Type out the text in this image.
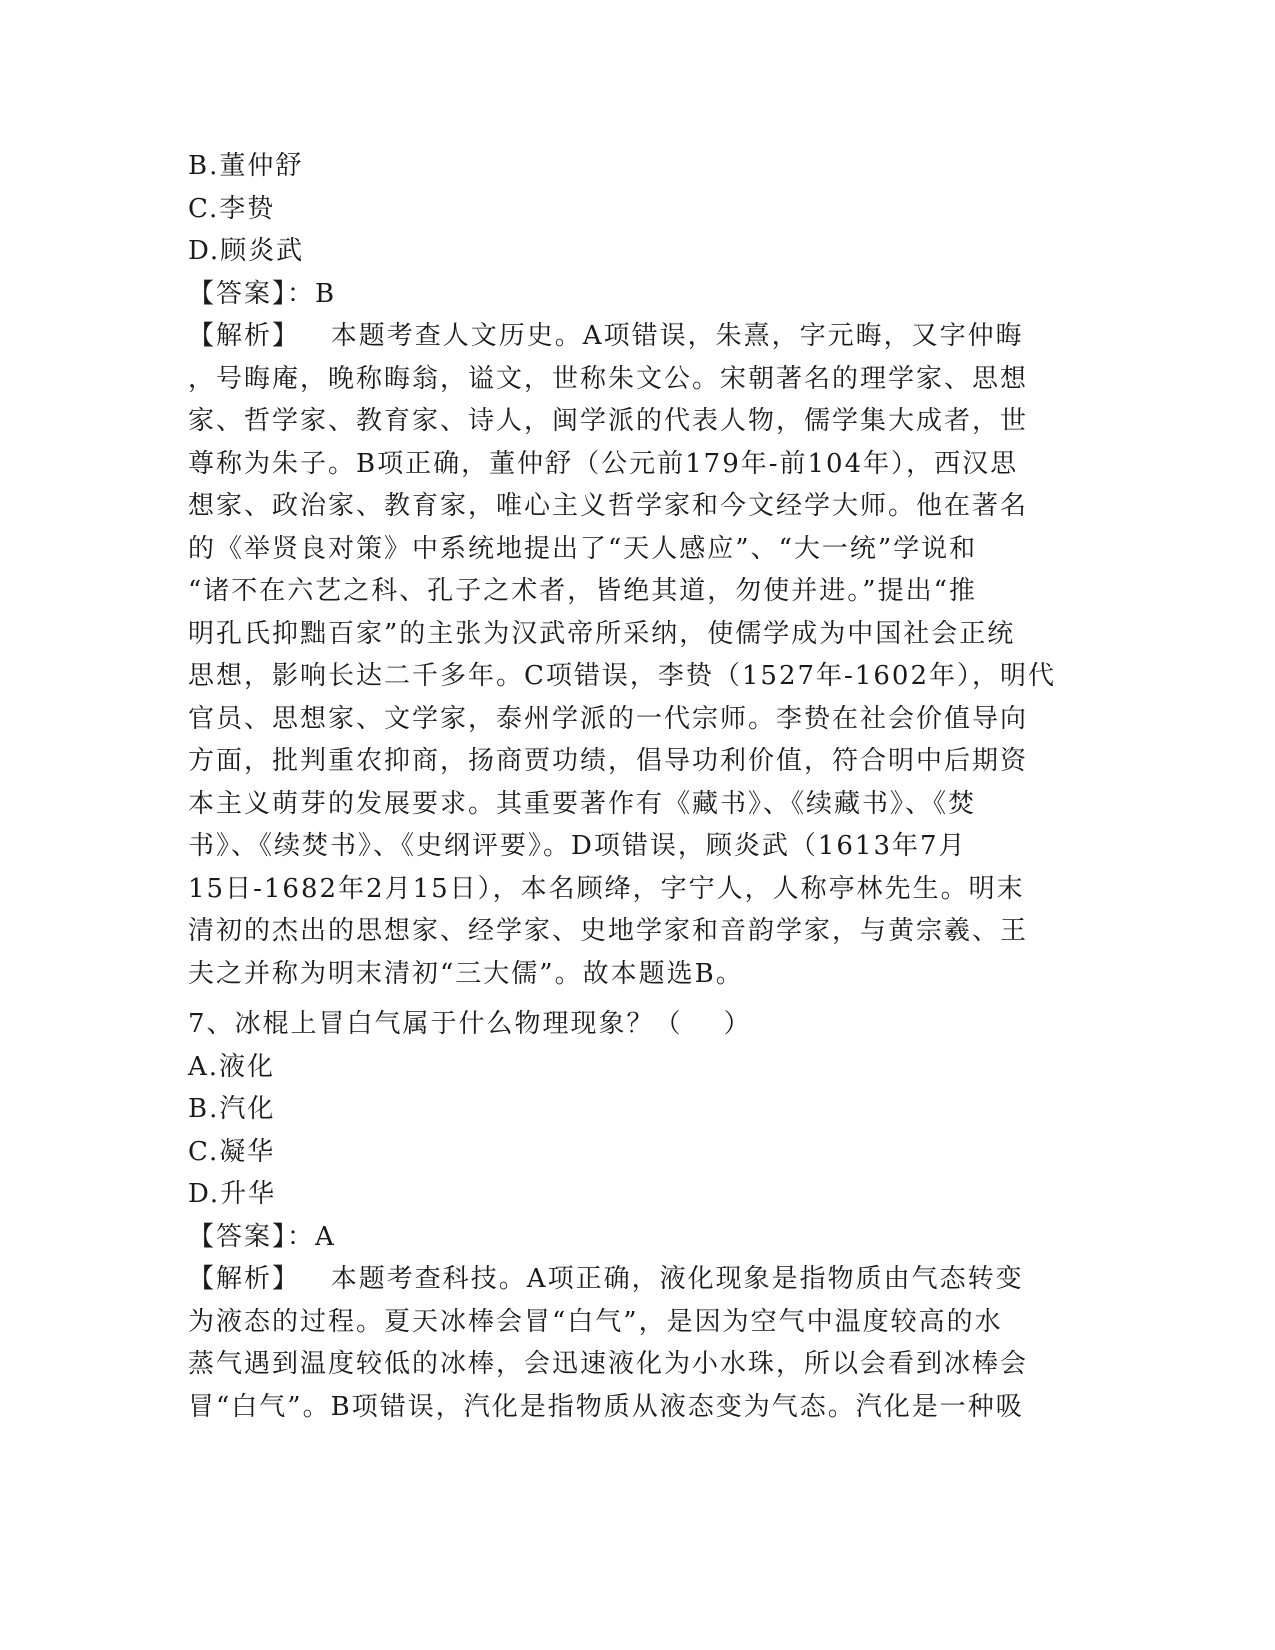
B.董仲舒
C.李贽
D.顾炎武
【答案】：B
【解析】   本题考查人文历史。A项错误，朱熹，字元晦，又字仲晦
，号晦庵，晚称晦翁，谥文，世称朱文公。宋朝著名的理学家、思想
家、哲学家、教育家、诗人，闽学派的代表人物，儒学集大成者，世
尊称为朱子。B项正确，董仲舒（公元前179年-前104年），西汉思
想家、政治家、教育家，唯心主义哲学家和今文经学大师。他在著名
的《举贤良对策》中系统地提出了“天人感应”、“大一统”学说和
“诸不在六艺之科、孔子之术者，皆绝其道，勿使并进。”提出“推
明孔氏抑黜百家”的主张为汉武帝所采纳，使儒学成为中国社会正统
思想，影响长达二千多年。C项错误，李贽（1527年-1602年），明代
官员、思想家、文学家，泰州学派的一代宗师。李贽在社会价值导向
方面，批判重农抑商，扬商贾功绩，倡导功利价值，符合明中后期资
本主义萌芽的发展要求。其重要著作有《藏书》、《续藏书》、《焚
书》、《续焚书》、《史纲评要》。D项错误，顾炎武（1613年7月
15日-1682年2月15日），本名顾绛，字宁人，人称亭林先生。明末
清初的杰出的思想家、经学家、史地学家和音韵学家，与黄宗羲、王
夫之并称为明末清初“三大儒”。故本题选B。
7、冰棍上冒白气属于什么物理现象？（    ）
A.液化
B.汽化
C.凝华
D.升华
【答案】：A
【解析】   本题考查科技。A项正确，液化现象是指物质由气态转变
为液态的过程。夏天冰棒会冒“白气”，是因为空气中温度较高的水
蒸气遇到温度较低的冰棒，会迅速液化为小水珠，所以会看到冰棒会
冒“白气”。B项错误，汽化是指物质从液态变为气态。汽化是一种吸
